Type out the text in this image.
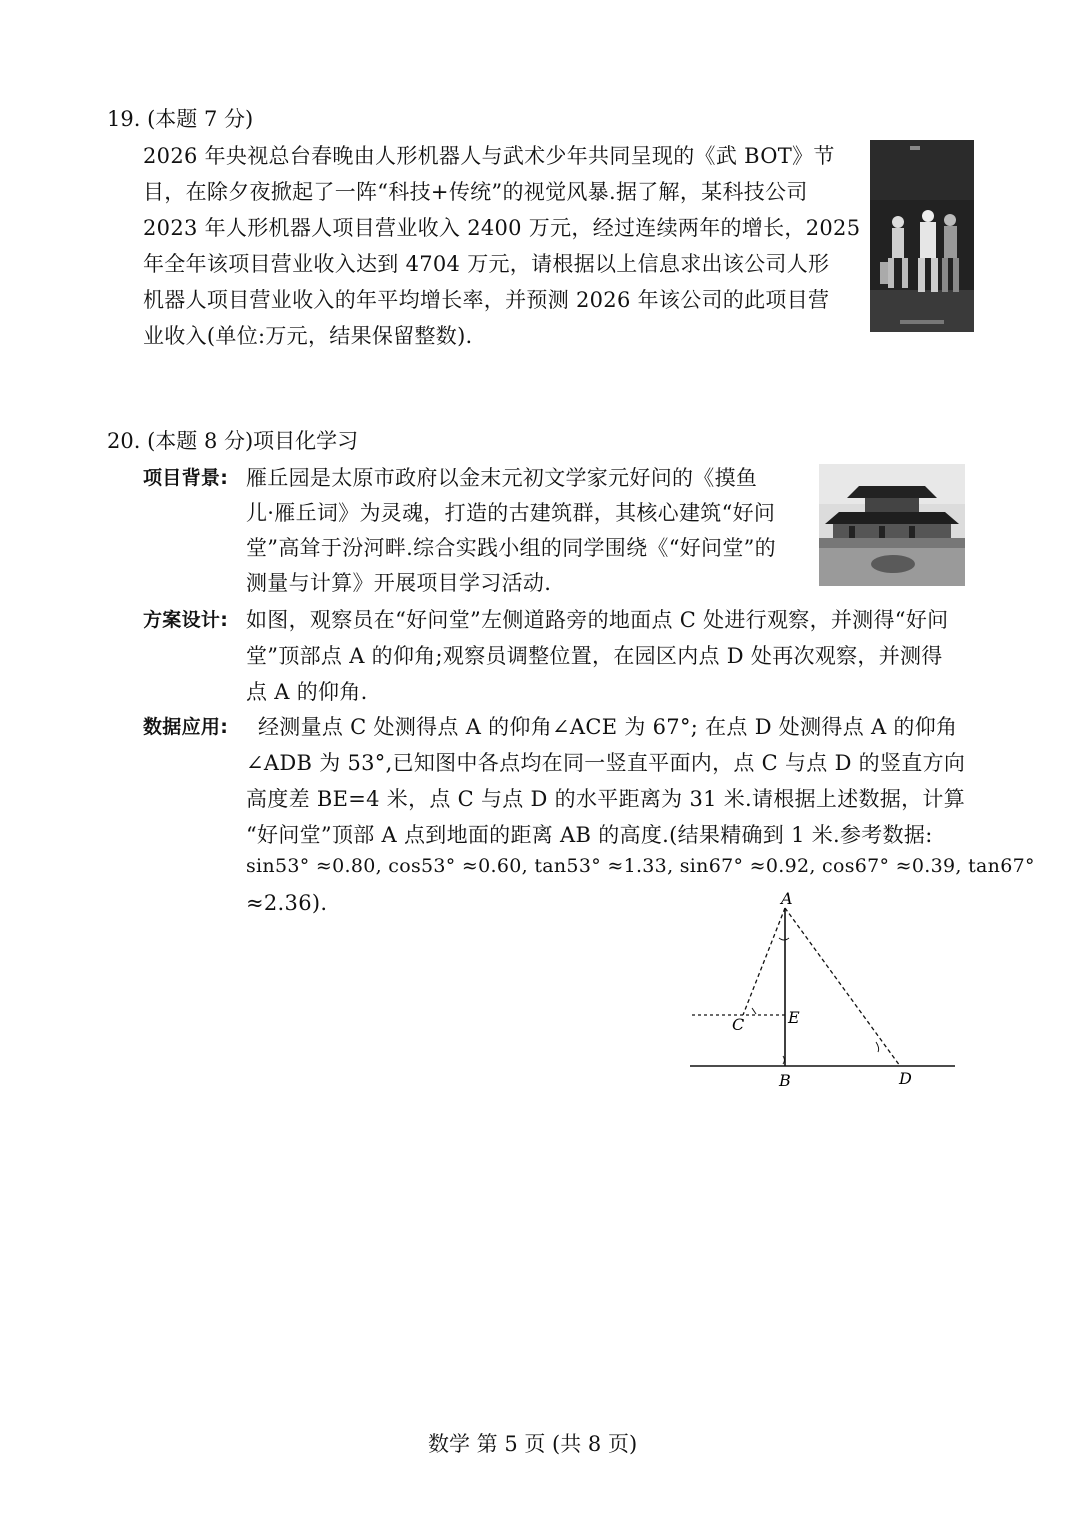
19. (本题 7 分)
2026 年央视总台春晚由人形机器人与武术少年共同呈现的《武 BOT》节
目，在除夕夜掀起了一阵“科技+传统”的视觉风暴.据了解，某科技公司
2023 年人形机器人项目营业收入 2400 万元，经过连续两年的增长，2025
年全年该项目营业收入达到 4704 万元，请根据以上信息求出该公司人形
机器人项目营业收入的年平均增长率，并预测 2026 年该公司的此项目营
业收入(单位:万元，结果保留整数).
20. (本题 8 分)项目化学习
项目背景: 雁丘园是太原市政府以金末元初文学家元好问的《摸鱼
儿·雁丘词》为灵魂，打造的古建筑群，其核心建筑“好问
堂”高耸于汾河畔.综合实践小组的同学围绕《“好问堂”的
测量与计算》开展项目学习活动.
方案设计: 如图，观察员在“好问堂”左侧道路旁的地面点 C 处进行观察，并测得“好问
堂”顶部点 A 的仰角;观察员调整位置，在园区内点 D 处再次观察，并测得
点 A 的仰角.
数据应用: 经测量点 C 处测得点 A 的仰角∠ACE 为 67°; 在点 D 处测得点 A 的仰角
∠ADB 为 53°,已知图中各点均在同一竖直平面内，点 C 与点 D 的竖直方向
高度差 BE=4 米，点 C 与点 D 的水平距离为 31 米.请根据上述数据，计算
“好问堂”顶部 A 点到地面的距离 AB 的高度.(结果精确到 1 米.参考数据:
sin53° ≈0.80, cos53° ≈0.60, tan53° ≈1.33, sin67° ≈0.92, cos67° ≈0.39, tan67°
≈2.36).	A
B
C
D
E
数学 第 5 页 (共 8 页)
